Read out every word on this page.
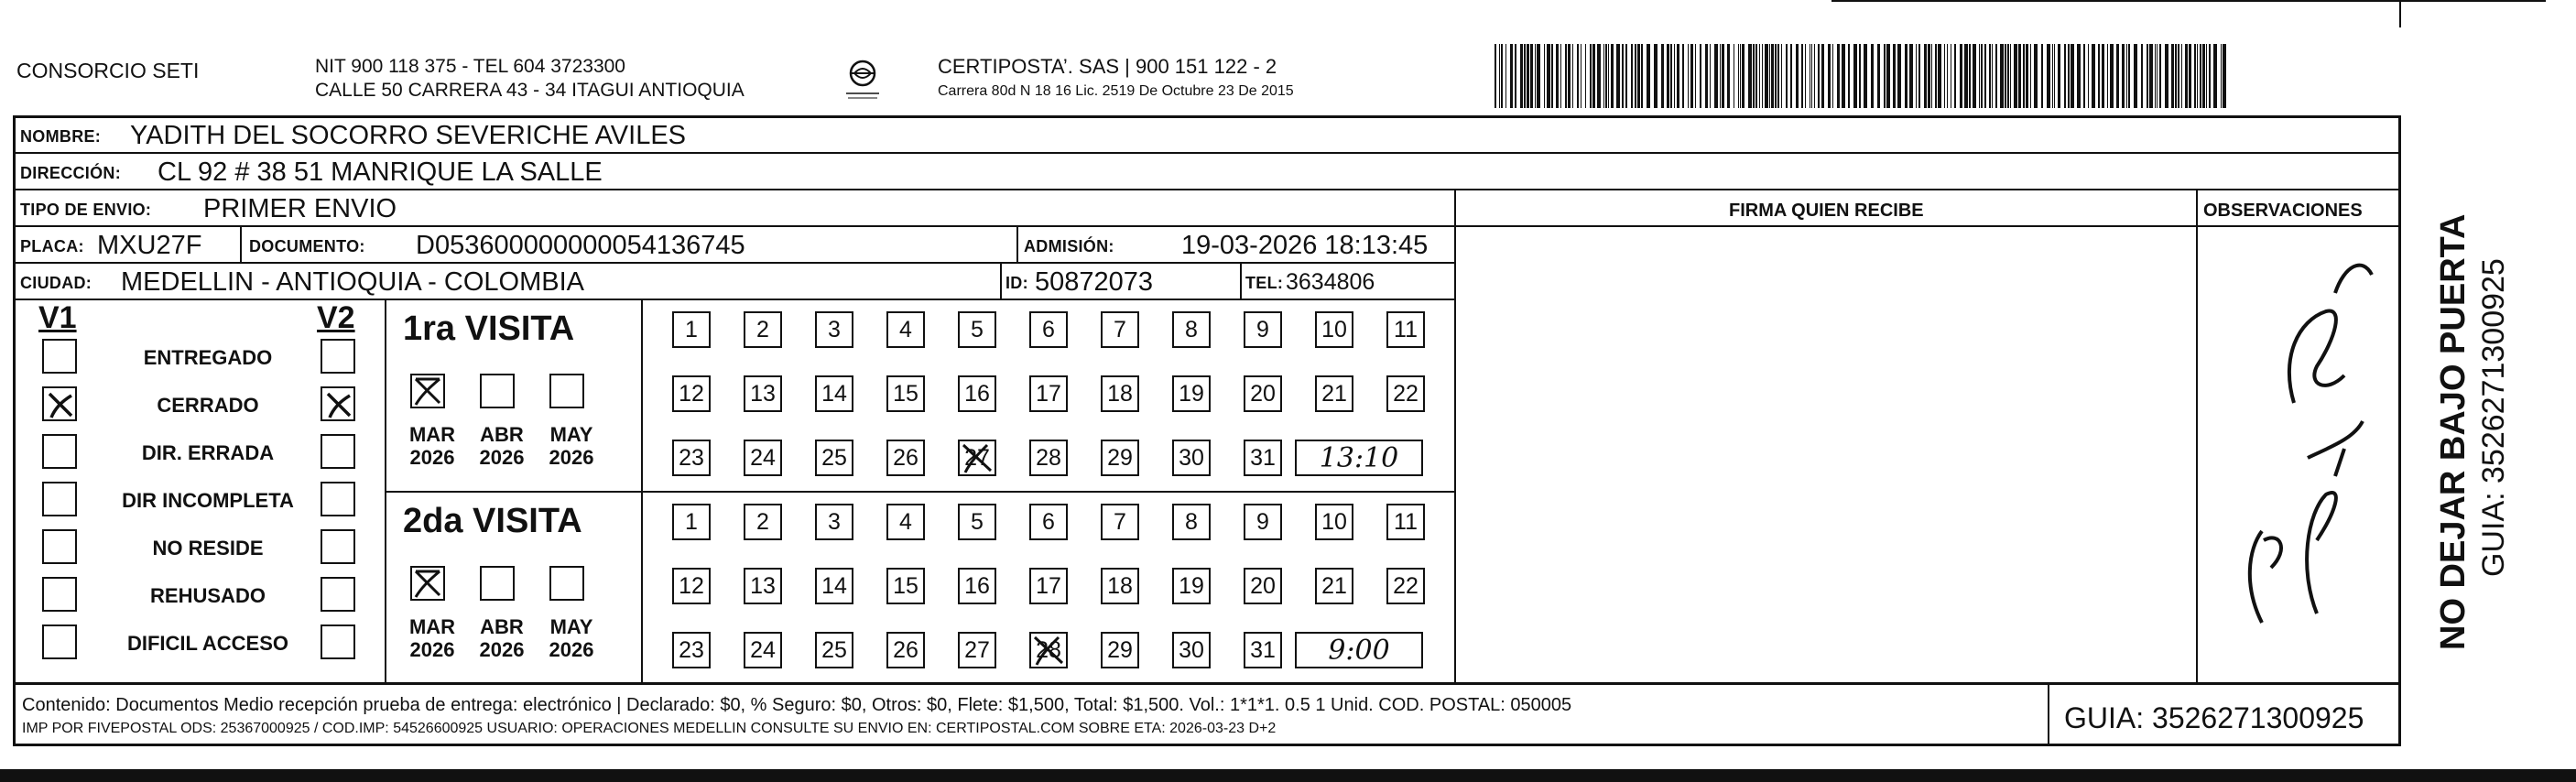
CONSORCIO SETI	NIT 900 118 375 - TEL 604 3723300
CALLE 50 CARRERA 43 - 34 ITAGUI ANTIOQUIA
CERTIPOSTA’. SAS | 900 151 122 - 2
Carrera 80d N 18 16 Lic. 2519 De Octubre 23 De 2015
NOMBRE: YADITH DEL SOCORRO SEVERICHE AVILES
DIRECCIÓN: CL 92 # 38 51 MANRIQUE LA SALLE
TIPO DE ENVIO: PRIMER ENVIO	FIRMA QUIEN RECIBE	OBSERVACIONES
PLACA: MXU27F	DOCUMENTO: D053600000000054136745	ADMISIÓN:	19-03-2026 18:13:45
CIUDAD: MEDELLIN - ANTIOQUIA - COLOMBIA	ID: 50872073	TEL: 3634806
V1	V2
ENTREGADO
CERRADO
DIR. ERRADA
DIR INCOMPLETA
NO RESIDE
REHUSADO
DIFICIL ACCESO
1ra VISITA
MAR
2026
ABR
2026
MAY
2026
1	2	3	4	5	6	7	8	9	10	11
12 13 14 15 16 17 18 19 20 21 22
23 24 25 26 27 28 29 30 31	13:10
2da VISITA
MAR
2026
ABR
2026
MAY
2026
1	2	3	4	5	6	7	8	9	10	11
12 13 14 15 16 17 18 19 20 21 22
23 24 25 26 27 28 29 30 31	9:00	NO DEJAR BAJO PUERTA GUIA: 3526271300925
Contenido: Documentos Medio recepción prueba de entrega: electrónico | Declarado: $0, % Seguro: $0, Otros: $0, Flete: $1,500, Total: $1,500. Vol.: 1*1*1. 0.5 1 Unid. COD. POSTAL: 050005
IMP POR FIVEPOSTAL ODS: 25367000925 / COD.IMP: 54526600925 USUARIO: OPERACIONES MEDELLIN CONSULTE SU ENVIO EN: CERTIPOSTAL.COM SOBRE ETA: 2026-03-23 D+2	GUIA: 3526271300925
